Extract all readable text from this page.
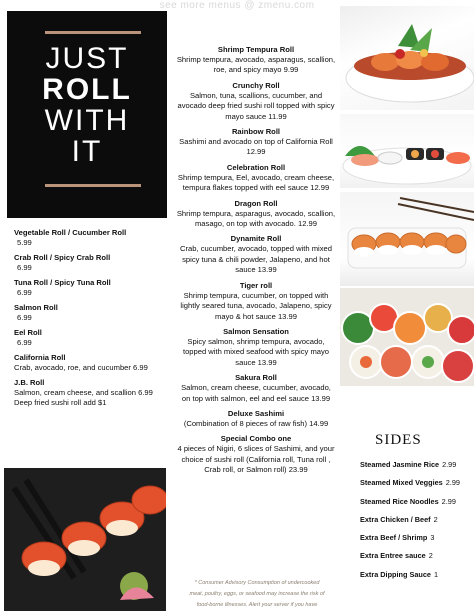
see more menus @ zmenu.com
JUST
ROLL
WITH
IT
Vegetable Roll / Cucumber Roll
5.99
Crab Roll / Spicy Crab Roll
6.99
Tuna Roll / Spicy Tuna Roll
6.99
Salmon Roll
6.99
Eel Roll
6.99
California Roll
Crab, avocado, roe, and cucumber 6.99
J.B. Roll
Salmon, cream cheese, and scallion 6.99
Deep fried sushi roll add $1
Shrimp Tempura Roll
Shrimp tempura, avocado, asparagus, scallion, roe, and spicy mayo 9.99
Crunchy Roll
Salmon, tuna, scallions, cucumber, and avocado deep fried sushi roll topped with spicy mayo sauce 11.99
Rainbow Roll
Sashimi and avocado on top of California Roll 12.99
Celebration Roll
Shrimp tempura, Eel, avocado, cream cheese, tempura flakes topped with eel sauce 12.99
Dragon Roll
Shrimp tempura, asparagus, avocado, scallion, masago, on top with avocado. 12.99
Dynamite Roll
Crab, cucumber, avocado, topped with mixed spicy tuna & chili powder, Jalapeno, and hot sauce 13.99
Tiger roll
Shrimp tempura, cucumber, on topped with lightly seared tuna, avocado, Jalapeno, spicy mayo & hot sauce 13.99
Salmon Sensation
Spicy salmon, shrimp tempura, avocado, topped with mixed seafood with spicy mayo sauce 13.99
Sakura Roll
Salmon, cream cheese, cucumber, avocado, on top with salmon, eel and eel sauce 13.99
Deluxe Sashimi
(Combination of 8 pieces of raw fish) 14.99
Special Combo one
4 pieces of Nigiri, 6 slices of Sashimi, and your choice of sushi roll (California roll, Tuna roll , Crab roll, or Salmon roll) 23.99
* Consumer Advisory Consumption of undercooked
meat, poultry, eggs, or seafood may increase the risk of
food-borne illnesses. Alert your server if you have
SIDES
Steamed Jasmine Rice 2.99
Steamed Mixed Veggies 2.99
Steamed Rice Noodles 2.99
Extra Chicken / Beef 2
Extra Beef / Shrimp 3
Extra Entree sauce 2
Extra Dipping Sauce 1
